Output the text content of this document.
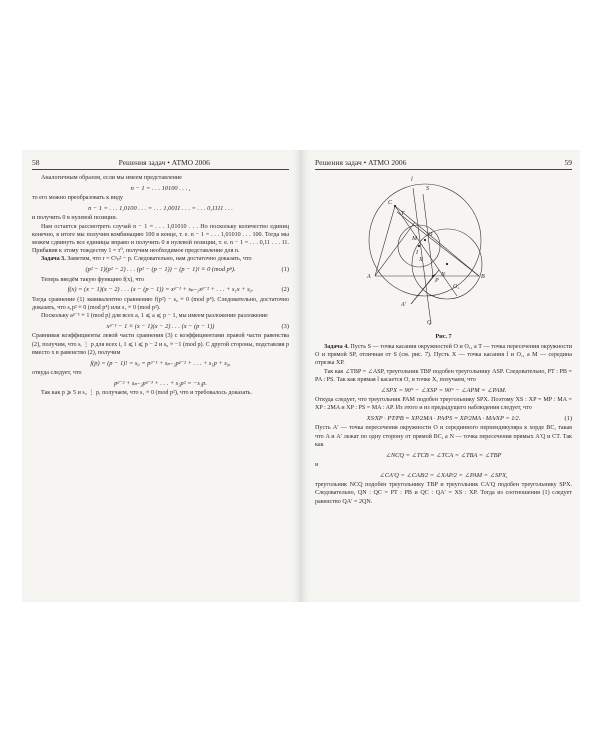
58	Решения задач • АТМО 2006

Аналогичным образом, если мы имеем представление

n − 1 = . . . 10100 . . . ,

то его можно преобразовать к виду

n − 1 = . . . 1,0100 . . . = . . . 1,0011 . . . = . . . 0,1111 . . .

и получить 0 в нулевой позиции.

Нам остается рассмотреть случай n − 1 = . . . 1,01010 . . . Но поскольку количество единиц конечно, в итоге мы получим комбинацию 100 в конце, т. е. n − 1 = . . . 1,01010 . . . 100. Тогда мы можем сдвинуть все единицы вправо и получить 0 в нулевой позиции, т. е. n − 1 = . . . 0,11 . . . 11. Прибавив к этому тождеству 1 = τ⁰, получим необходимое представление для n.

Задача 3. Заметим, что r = Cᵖₚ² − p. Следовательно, нам достаточно доказать, что

(p² − 1)(p² − 2) . . . (p² − (p − 1)) − (p − 1)! ≡ 0 (mod pⁿ).	(1)

Теперь введём такую функцию f(x), что

f(x) = (x − 1)(x − 2) . . . (x − (p − 1)) = xᵖ⁻¹ + sₚ₋₂xᵖ⁻² + . . . + s₁x + s₀.	(2)

Тогда сравнение (1) эквивалентно сравнению f(p²) − s₀ ≡ 0 (mod p⁴). Следовательно, достаточно доказать, что s₁p² ≡ 0 (mod p⁴) или s₁ ≡ 0 (mod p²).

Поскольку aᵖ⁻¹ ≡ 1 (mod p) для всех a, 1 ⩽ a ⩽ p − 1, мы имеем разложение разложение

xᵖ⁻¹ − 1 ≡ (x − 1)(x − 2) . . . (x − (p − 1))	(3)

Сравнивая коэффициенты левой части сравнения (3) с коэффициентами правой части равенства (2), получим, что sᵢ ⋮ p для всех i, 1 ⩽ i ⩽ p − 2 и s₀ ≡ −1 (mod p). С другой стороны, подставляя p вместо x в равенство (2), получим

f(p) = (p − 1)! = s₀ = pᵖ⁻¹ + sₚ₋₂pᵖ⁻² + . . . + s₁p + s₀,

откуда следует, что

pᵖ⁻² + sₚ₋₂pᵖ⁻³ + . . . + s₂p² = −s₁p.

Так как p ⩾ 5 и s₂ ⋮ p, получаем, что s₁ ≡ 0 (mod p²), что и требовалось доказать.

Решения задач • АТМО 2006	59
l
S
C
T
O
M
A
X
I
B
N
O₁
P
A′
Q
Рис. 7

Задача 4. Пусть S — точка касания окружностей O и O₁, а T — точка пересечения окружности O и прямой SP, отличная от S (см. рис. 7). Пусть X — точка касания l и O₁, а M — середина отрезка XP.

Так как ∠TBP = ∠ASP, треугольник TBP подобен треугольнику ASP. Следовательно, PT : PB = PA : PS. Так как прямая l касается O₁ в точке X, получаем, что

∠SPX = 90° − ∠XSP = 90° − ∠APM = ∠PAM.

Откуда следует, что треугольник PAM подобен треугольнику SPX. Поэтому XS : XP = MP : MA = XP : 2MA и XP : PS = MA : AP. Из этого и из предыдущего наблюдения следует, что

XS⁄XP · PT⁄PB = XP⁄2MA · PA⁄PS = XP⁄2MA · MA⁄XP = 1⁄2.	(1)

Пусть A′ — точка пересечения окружности O и серединного перпендикуляра к хорде BC, такая что A и A′ лежат по одну сторону от прямой BC, а N — точка пересечения прямых A′Q и CT. Так как

∠NCQ = ∠TCB = ∠TCA = ∠TBA = ∠TBP

и

∠CA′Q = ∠CAB⁄2 = ∠XAP⁄2 = ∠PAM = ∠SPX,

треугольник NCQ подобен треугольнику TBP и треугольник CA′Q подобен треугольнику SPX. Следовательно, QN : QC = PT : PB и QC : QA′ = XS : XP. Тогда из соотношения (1) следует равенство QA′ = 2QN.
